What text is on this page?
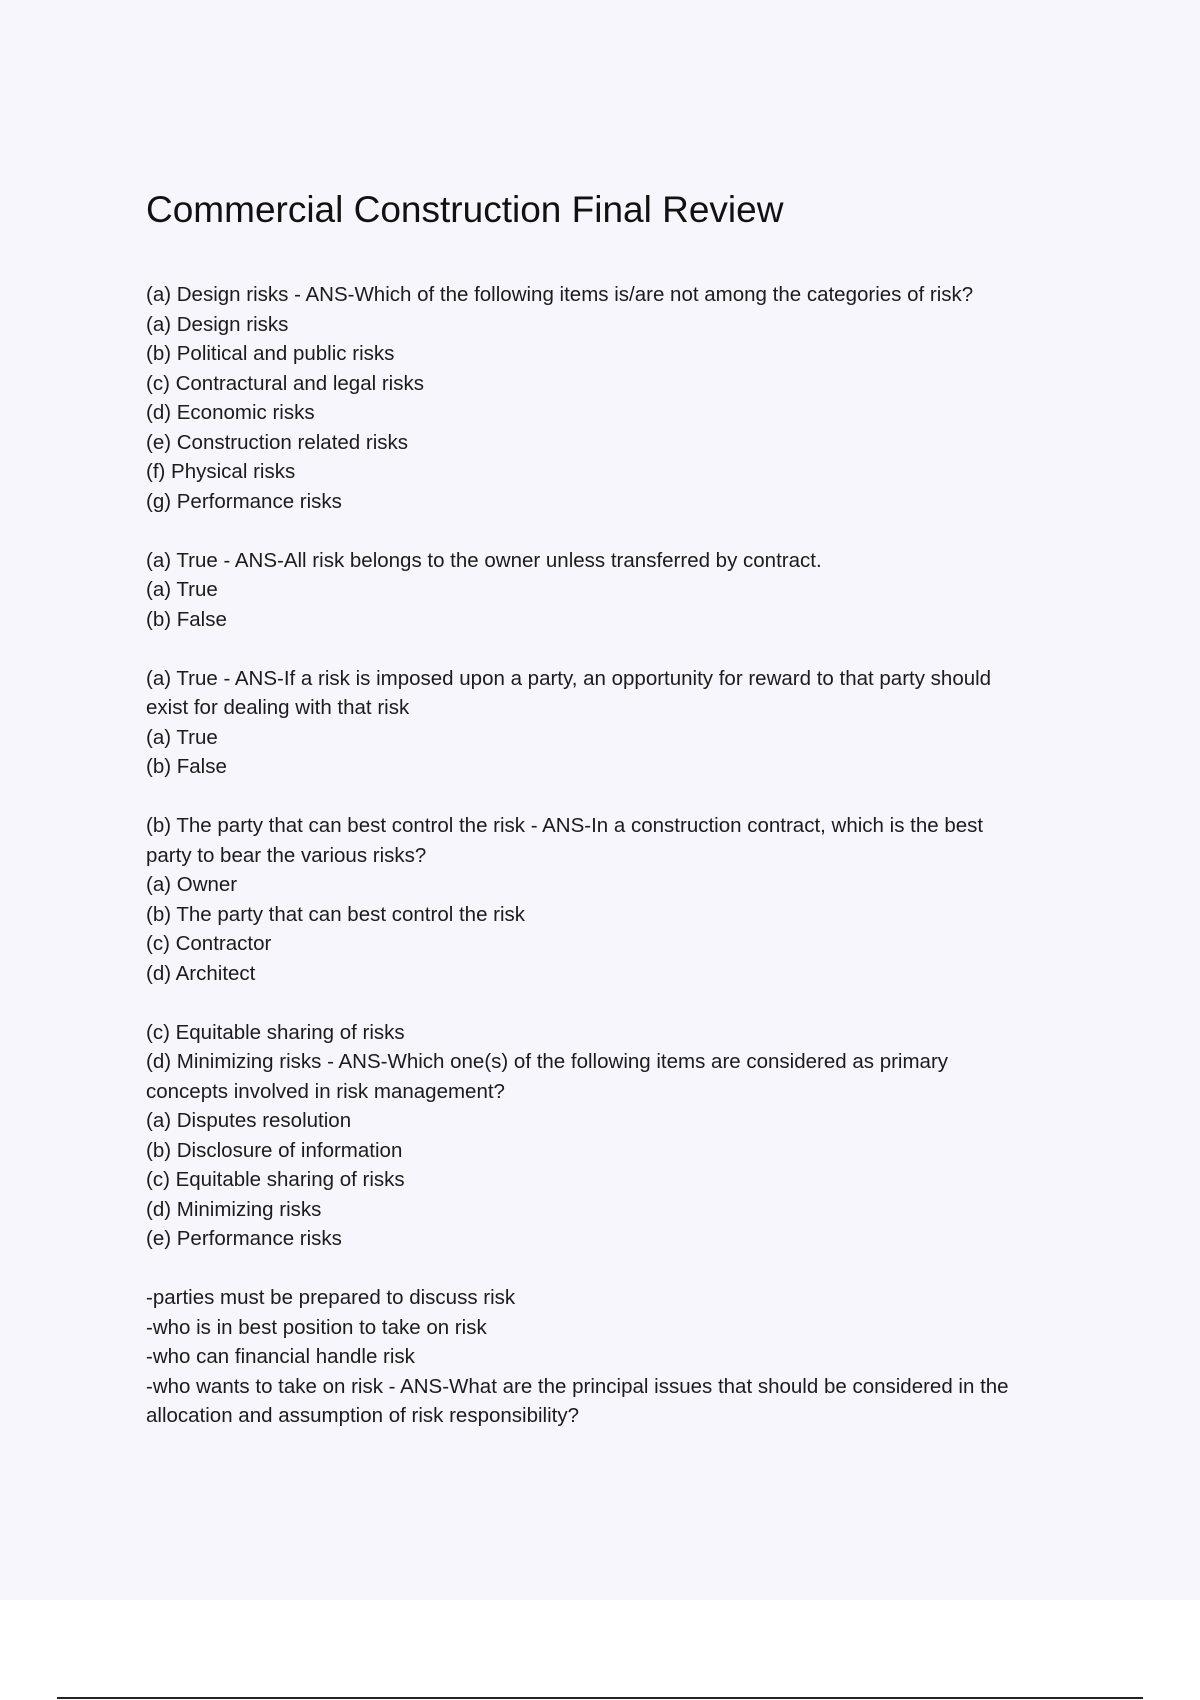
Commercial Construction Final Review
(a) Design risks - ANS-Which of the following items is/are not among the categories of risk?
(a) Design risks
(b) Political and public risks
(c) Contractural and legal risks
(d) Economic risks
(e) Construction related risks
(f) Physical risks
(g) Performance risks
(a) True - ANS-All risk belongs to the owner unless transferred by contract.
(a) True
(b) False
(a) True - ANS-If a risk is imposed upon a party, an opportunity for reward to that party should
exist for dealing with that risk
(a) True
(b) False
(b) The party that can best control the risk - ANS-In a construction contract, which is the best
party to bear the various risks?
(a) Owner
(b) The party that can best control the risk
(c) Contractor
(d) Architect
(c) Equitable sharing of risks
(d) Minimizing risks - ANS-Which one(s) of the following items are considered as primary
concepts involved in risk management?
(a) Disputes resolution
(b) Disclosure of information
(c) Equitable sharing of risks
(d) Minimizing risks
(e) Performance risks
-parties must be prepared to discuss risk
-who is in best position to take on risk
-who can financial handle risk
-who wants to take on risk - ANS-What are the principal issues that should be considered in the
allocation and assumption of risk responsibility?
